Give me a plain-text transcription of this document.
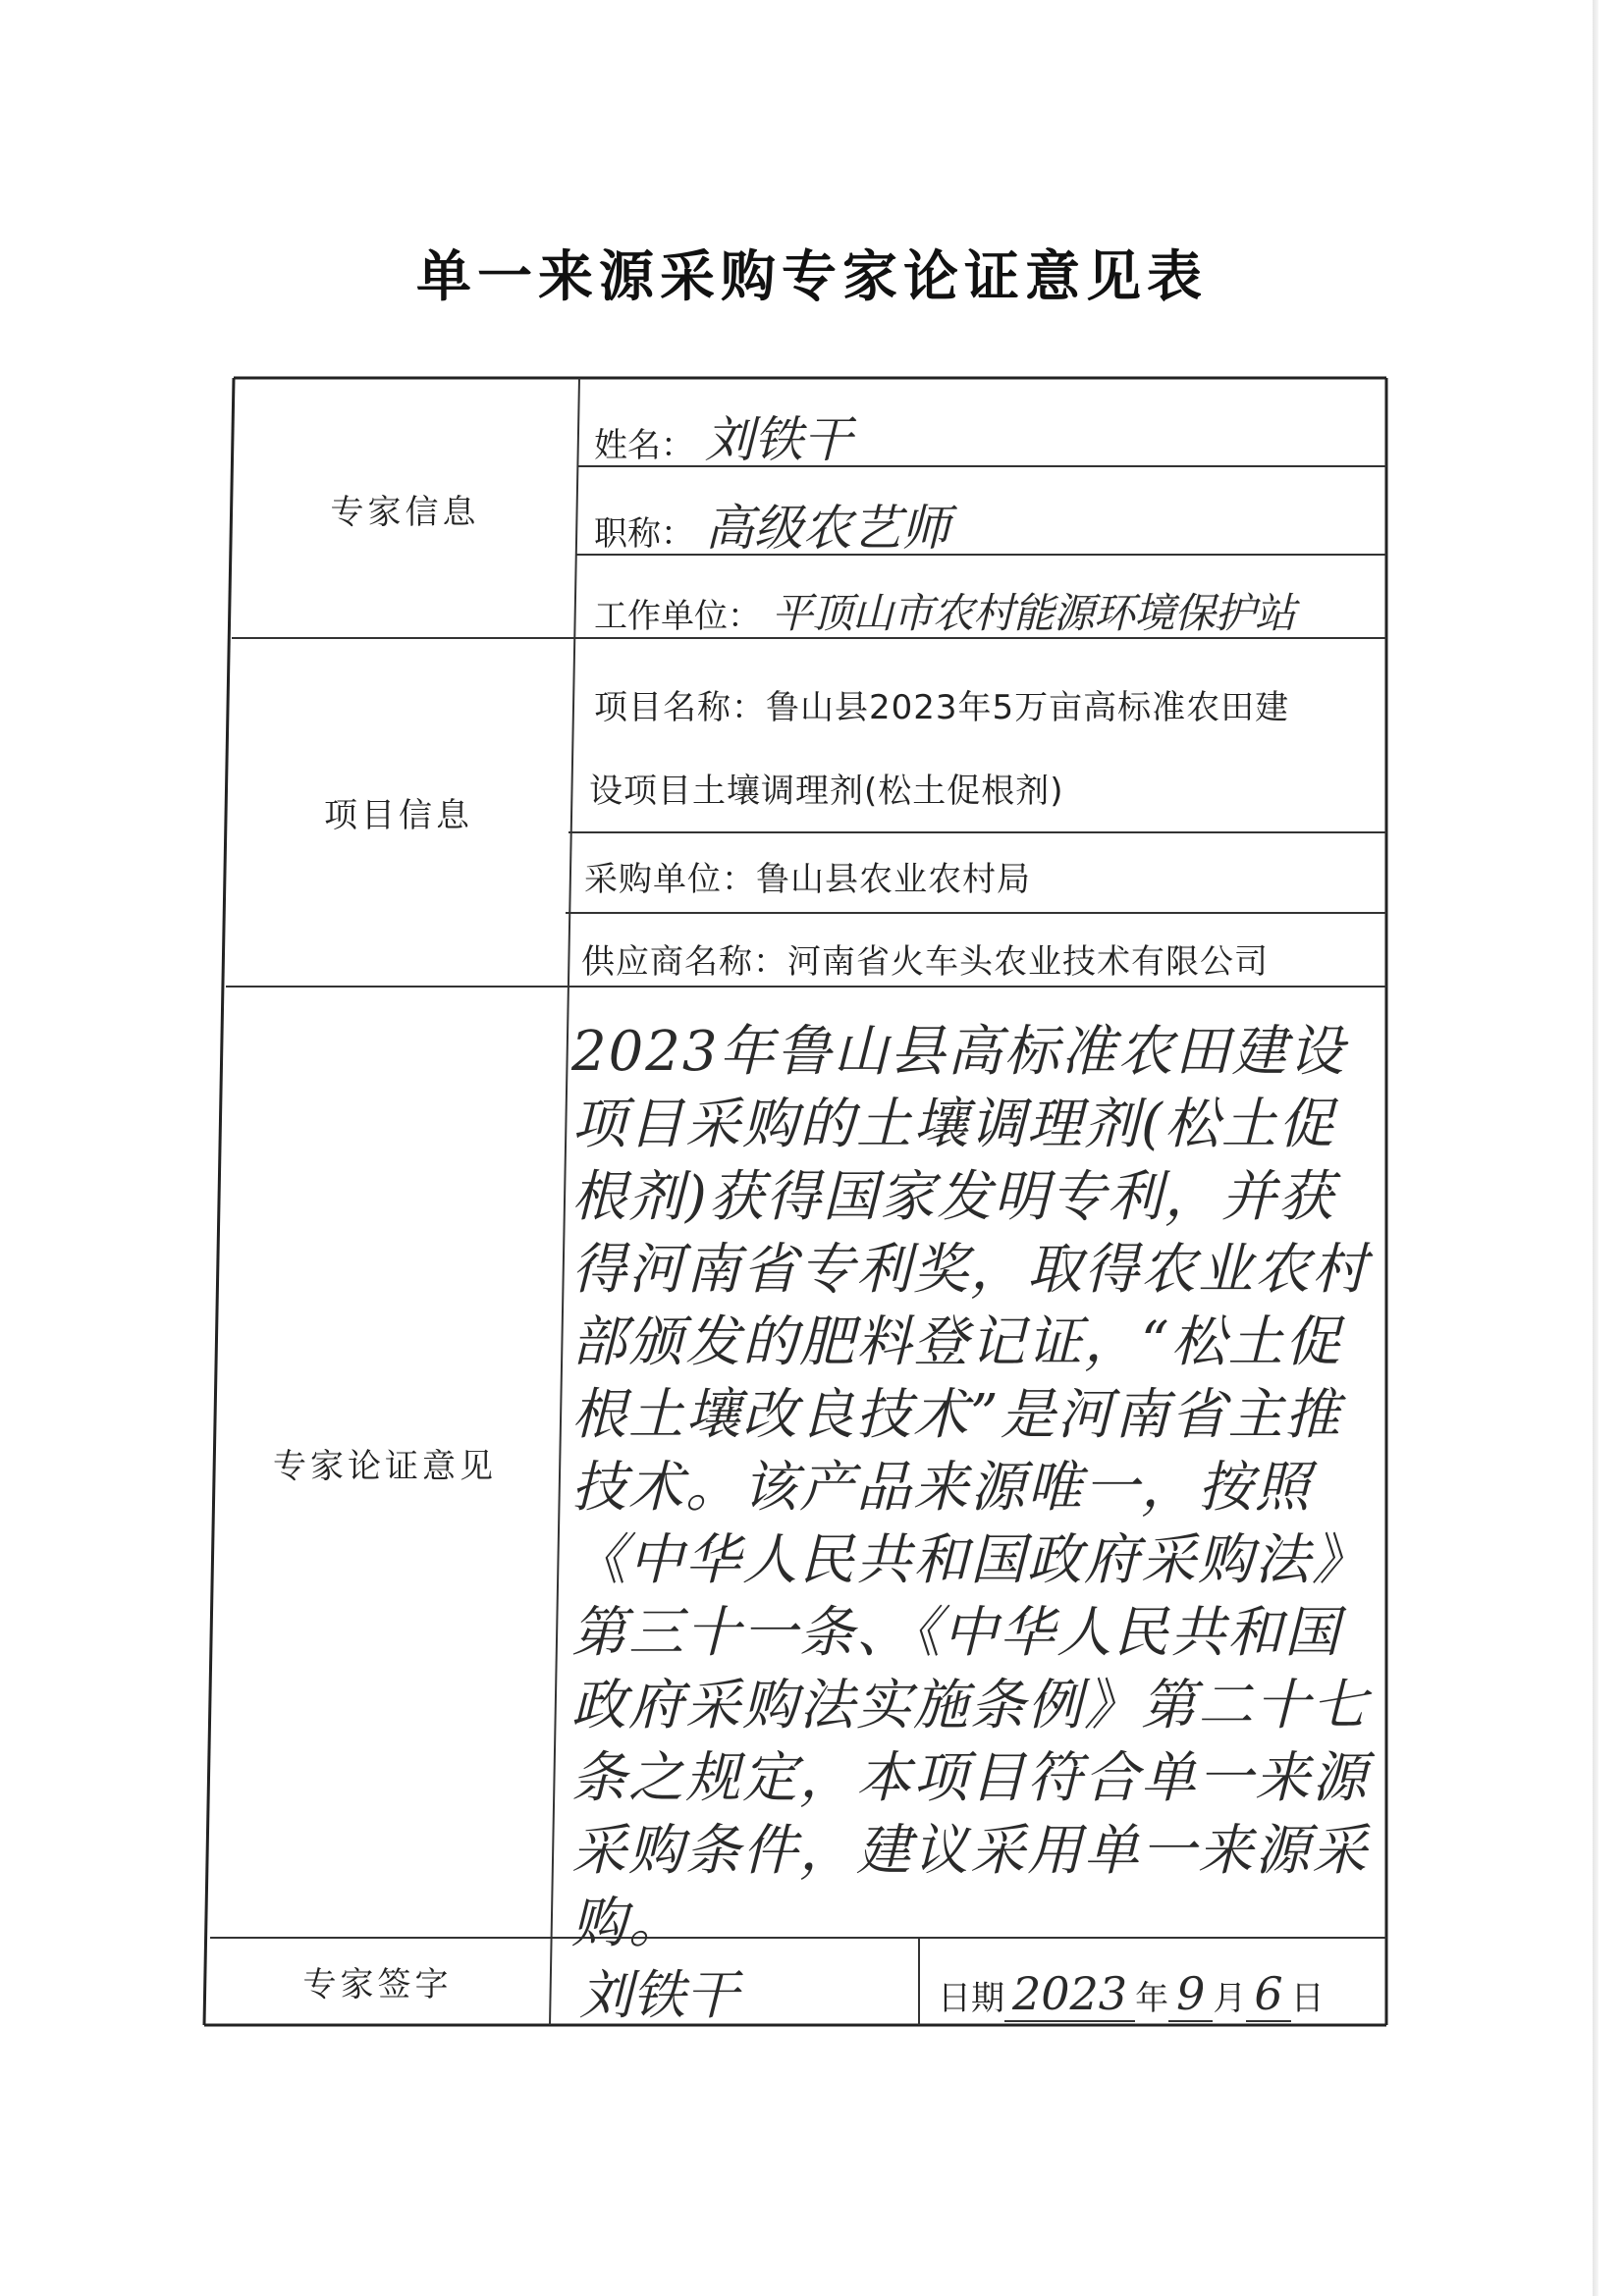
单一来源采购专家论证意见表
专家信息
姓名： 刘铁干
职称： 高级农艺师
工作单位： 平顶山市农村能源环境保护站
项目信息
项目名称：鲁山县2023年5万亩高标准农田建
设项目土壤调理剂(松土促根剂)
采购单位：鲁山县农业农村局
供应商名称：河南省火车头农业技术有限公司
专家论证意见
2023年鲁山县高标准农田建设项目采购的土壤调理剂(松土促根剂)获得国家发明专利，并获得河南省专利奖，取得农业农村部颁发的肥料登记证，“松土促根土壤改良技术”是河南省主推技术。该产品来源唯一，按照《中华人民共和国政府采购法》第三十一条、《中华人民共和国政府采购法实施条例》第二十七条之规定，本项目符合单一来源采购条件，建议采用单一来源采购。
专家签字	刘铁干	日期 2023 年 9 月 6 日
